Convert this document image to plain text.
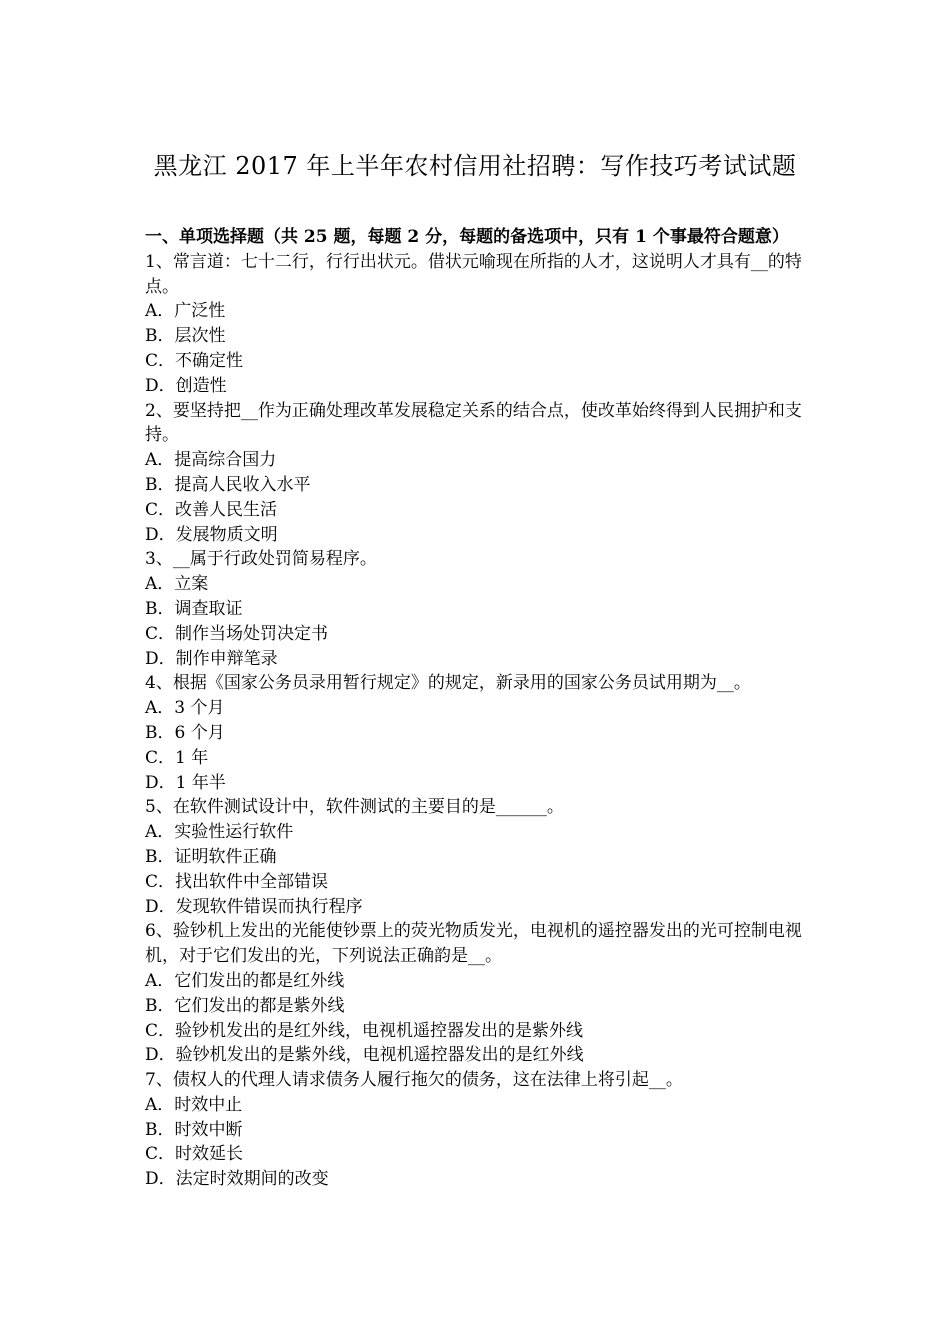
黑龙江 2017 年上半年农村信用社招聘：写作技巧考试试题

一、单项选择题（共 25 题，每题 2 分，每题的备选项中，只有 1 个事最符合题意）

1、常言道：七十二行，行行出状元。借状元喻现在所指的人才，这说明人才具有__的特点。

A．广泛性

B．层次性

C．不确定性

D．创造性

2、要坚持把__作为正确处理改革发展稳定关系的结合点，使改革始终得到人民拥护和支持。

A．提高综合国力

B．提高人民收入水平

C．改善人民生活

D．发展物质文明

3、__属于行政处罚简易程序。

A．立案

B．调查取证

C．制作当场处罚决定书

D．制作申辩笔录

4、根据《国家公务员录用暂行规定》的规定，新录用的国家公务员试用期为__。

A．3 个月

B．6 个月

C．1 年

D．1 年半

5、在软件测试设计中，软件测试的主要目的是______。

A．实验性运行软件

B．证明软件正确

C．找出软件中全部错误

D．发现软件错误而执行程序

6、验钞机上发出的光能使钞票上的荧光物质发光，电视机的遥控器发出的光可控制电视机，对于它们发出的光，下列说法正确韵是__。

A．它们发出的都是红外线

B．它们发出的都是紫外线

C．验钞机发出的是红外线，电视机遥控器发出的是紫外线

D．验钞机发出的是紫外线，电视机遥控器发出的是红外线

7、债权人的代理人请求债务人履行拖欠的债务，这在法律上将引起__。

A．时效中止

B．时效中断

C．时效延长

D．法定时效期间的改变
